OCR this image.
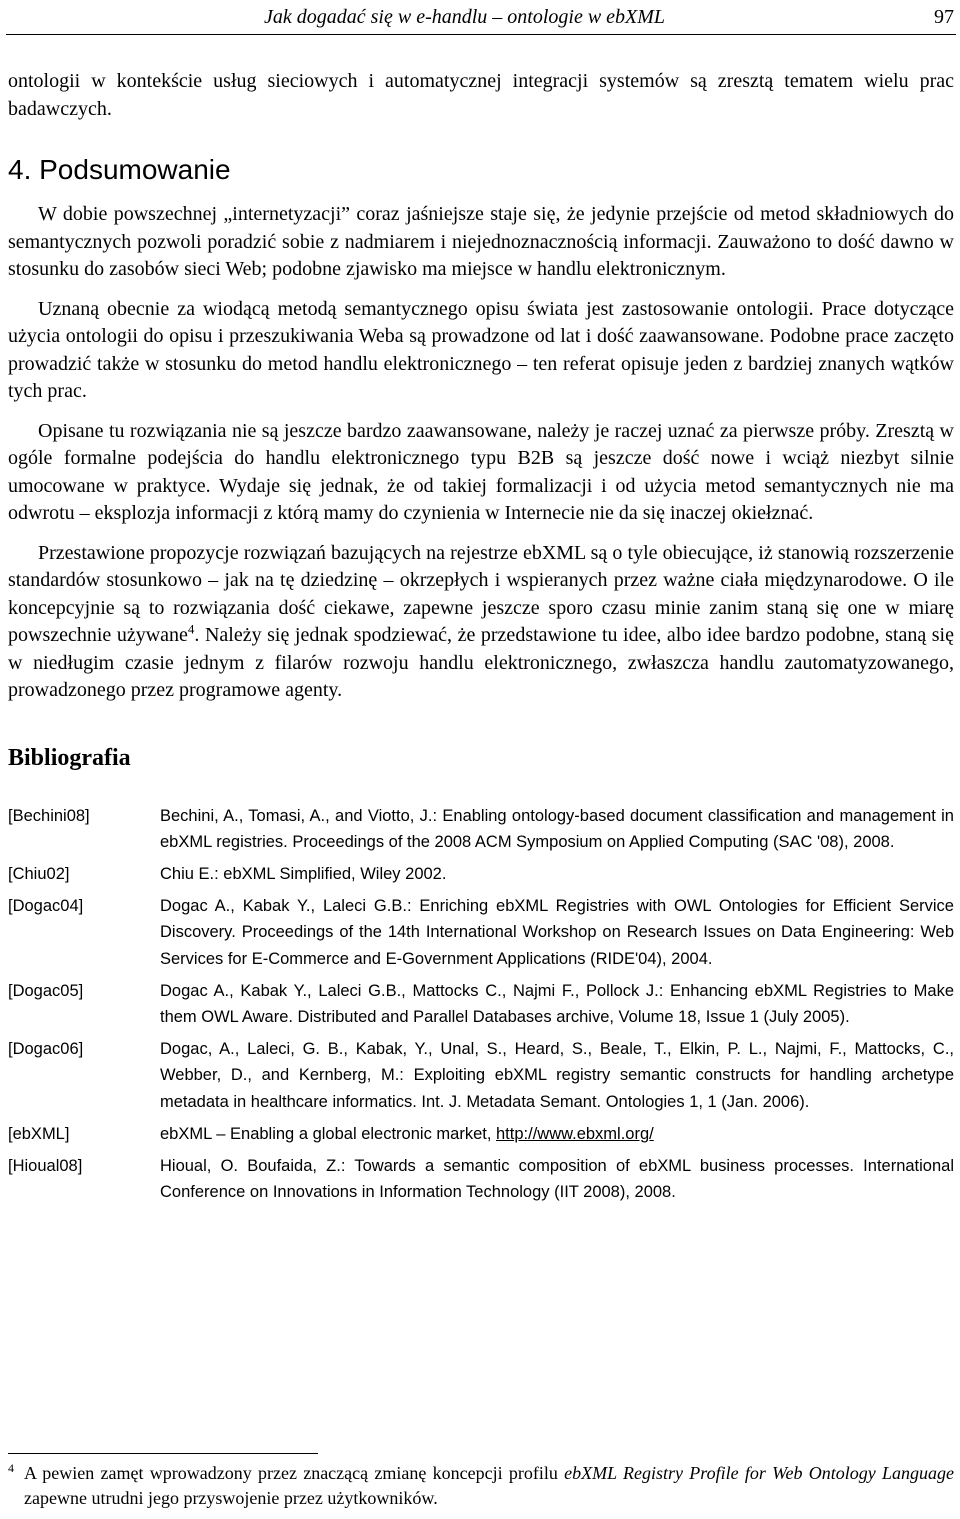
Jak dogadać się w e-handlu – ontologie w ebXML	97

ontologii w kontekście usług sieciowych i automatycznej integracji systemów są zresztą tematem wielu prac badawczych.

4. Podsumowanie

W dobie powszechnej „internetyzacji” coraz jaśniejsze staje się, że jedynie przejście od metod składniowych do semantycznych pozwoli poradzić sobie z nadmiarem i niejednoznacznością informacji. Zauważono to dość dawno w stosunku do zasobów sieci Web; podobne zjawisko ma miejsce w handlu elektronicznym.

Uznaną obecnie za wiodącą metodą semantycznego opisu świata jest zastosowanie ontologii. Prace dotyczące użycia ontologii do opisu i przeszukiwania Weba są prowadzone od lat i dość zaawansowane. Podobne prace zaczęto prowadzić także w stosunku do metod handlu elektronicznego – ten referat opisuje jeden z bardziej znanych wątków tych prac.

Opisane tu rozwiązania nie są jeszcze bardzo zaawansowane, należy je raczej uznać za pierwsze próby. Zresztą w ogóle formalne podejścia do handlu elektronicznego typu B2B są jeszcze dość nowe i wciąż niezbyt silnie umocowane w praktyce. Wydaje się jednak, że od takiej formalizacji i od użycia metod semantycznych nie ma odwrotu – eksplozja informacji z którą mamy do czynienia w Internecie nie da się inaczej okiełznać.

Przestawione propozycje rozwiązań bazujących na rejestrze ebXML są o tyle obiecujące, iż stanowią rozszerzenie standardów stosunkowo – jak na tę dziedzinę – okrzepłych i wspieranych przez ważne ciała międzynarodowe. O ile koncepcyjnie są to rozwiązania dość ciekawe, zapewne jeszcze sporo czasu minie zanim staną się one w miarę powszechnie używane$^4$. Należy się jednak spodziewać, że przedstawione tu idee, albo idee bardzo podobne, staną się w niedługim czasie jednym z filarów rozwoju handlu elektronicznego, zwłaszcza handlu zautomatyzowanego, prowadzonego przez programowe agenty.

Bibliografia
[Bechini08]	Bechini, A., Tomasi, A., and Viotto, J.: Enabling ontology-based document classification and management in ebXML registries. Proceedings of the 2008 ACM Symposium on Applied Computing (SAC '08), 2008.
[Chiu02]	Chiu E.: ebXML Simplified, Wiley 2002.
[Dogac04]	Dogac A., Kabak Y., Laleci G.B.: Enriching ebXML Registries with OWL Ontologies for Efficient Service Discovery. Proceedings of the 14th International Workshop on Research Issues on Data Engineering: Web Services for E-Commerce and E-Government Applications (RIDE'04), 2004.
[Dogac05]	Dogac A., Kabak Y., Laleci G.B., Mattocks C., Najmi F., Pollock J.: Enhancing ebXML Registries to Make them OWL Aware. Distributed and Parallel Databases archive, Volume 18, Issue 1 (July 2005).
[Dogac06]	Dogac, A., Laleci, G. B., Kabak, Y., Unal, S., Heard, S., Beale, T., Elkin, P. L., Najmi, F., Mattocks, C., Webber, D., and Kernberg, M.: Exploiting ebXML registry semantic constructs for handling archetype metadata in healthcare informatics. Int. J. Metadata Semant. Ontologies 1, 1 (Jan. 2006).
[ebXML]	ebXML – Enabling a global electronic market, http://www.ebxml.org/
[Hioual08]	Hioual, O. Boufaida, Z.: Towards a semantic composition of ebXML business processes. International Conference on Innovations in Information Technology (IIT 2008), 2008.
4 A pewien zamęt wprowadzony przez znaczącą zmianę koncepcji profilu ebXML Registry Profile for Web Ontology Language zapewne utrudni jego przyswojenie przez użytkowników.
